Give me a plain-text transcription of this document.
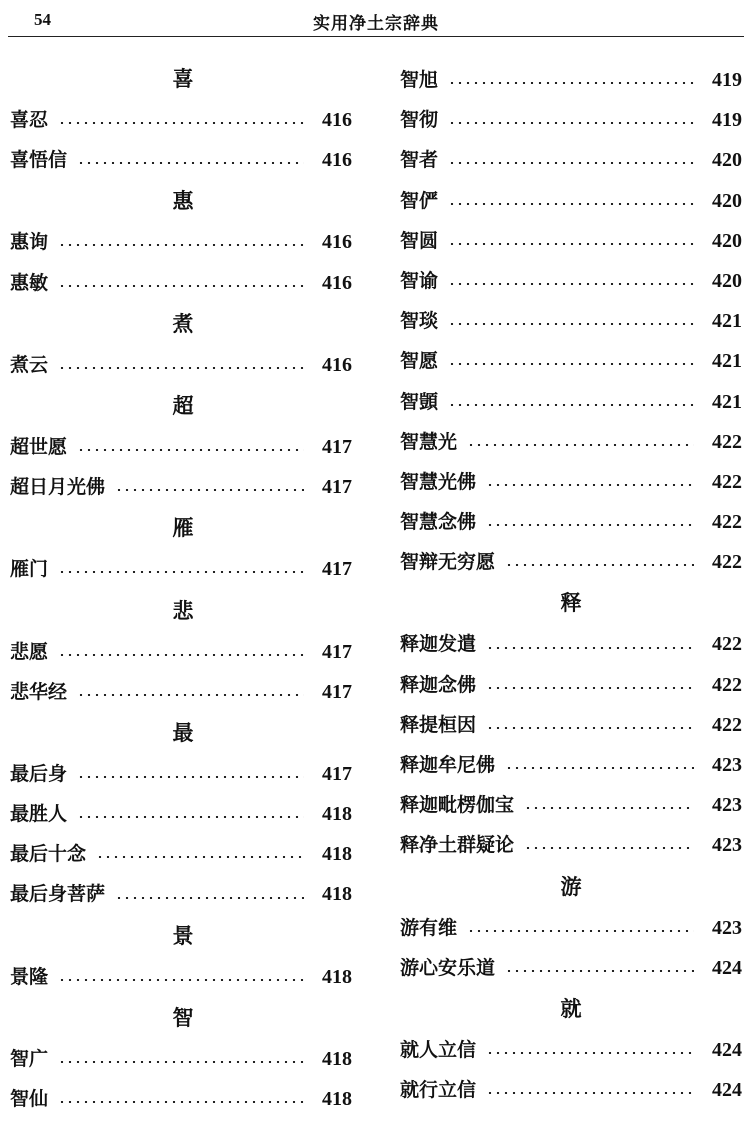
54	实用净土宗辞典
喜
喜忍	416
喜悟信	416
惠
惠询	416
惠敏	416
煮
煮云	416
超
超世愿	417
超日月光佛	417
雁
雁门	417
悲
悲愿	417
悲华经	417
最
最后身	417
最胜人	418
最后十念	418
最后身菩萨	418
景
景隆	418
智
智广	418
智仙	418
智旭	419
智彻	419
智者	420
智俨	420
智圆	420
智谕	420
智琰	421
智愿	421
智顗	421
智慧光	422
智慧光佛	422
智慧念佛	422
智辩无穷愿	422
释
释迦发遣	422
释迦念佛	422
释提桓因	422
释迦牟尼佛	423
释迦毗楞伽宝	423
释净土群疑论	423
游
游有维	423
游心安乐道	424
就
就人立信	424
就行立信	424
